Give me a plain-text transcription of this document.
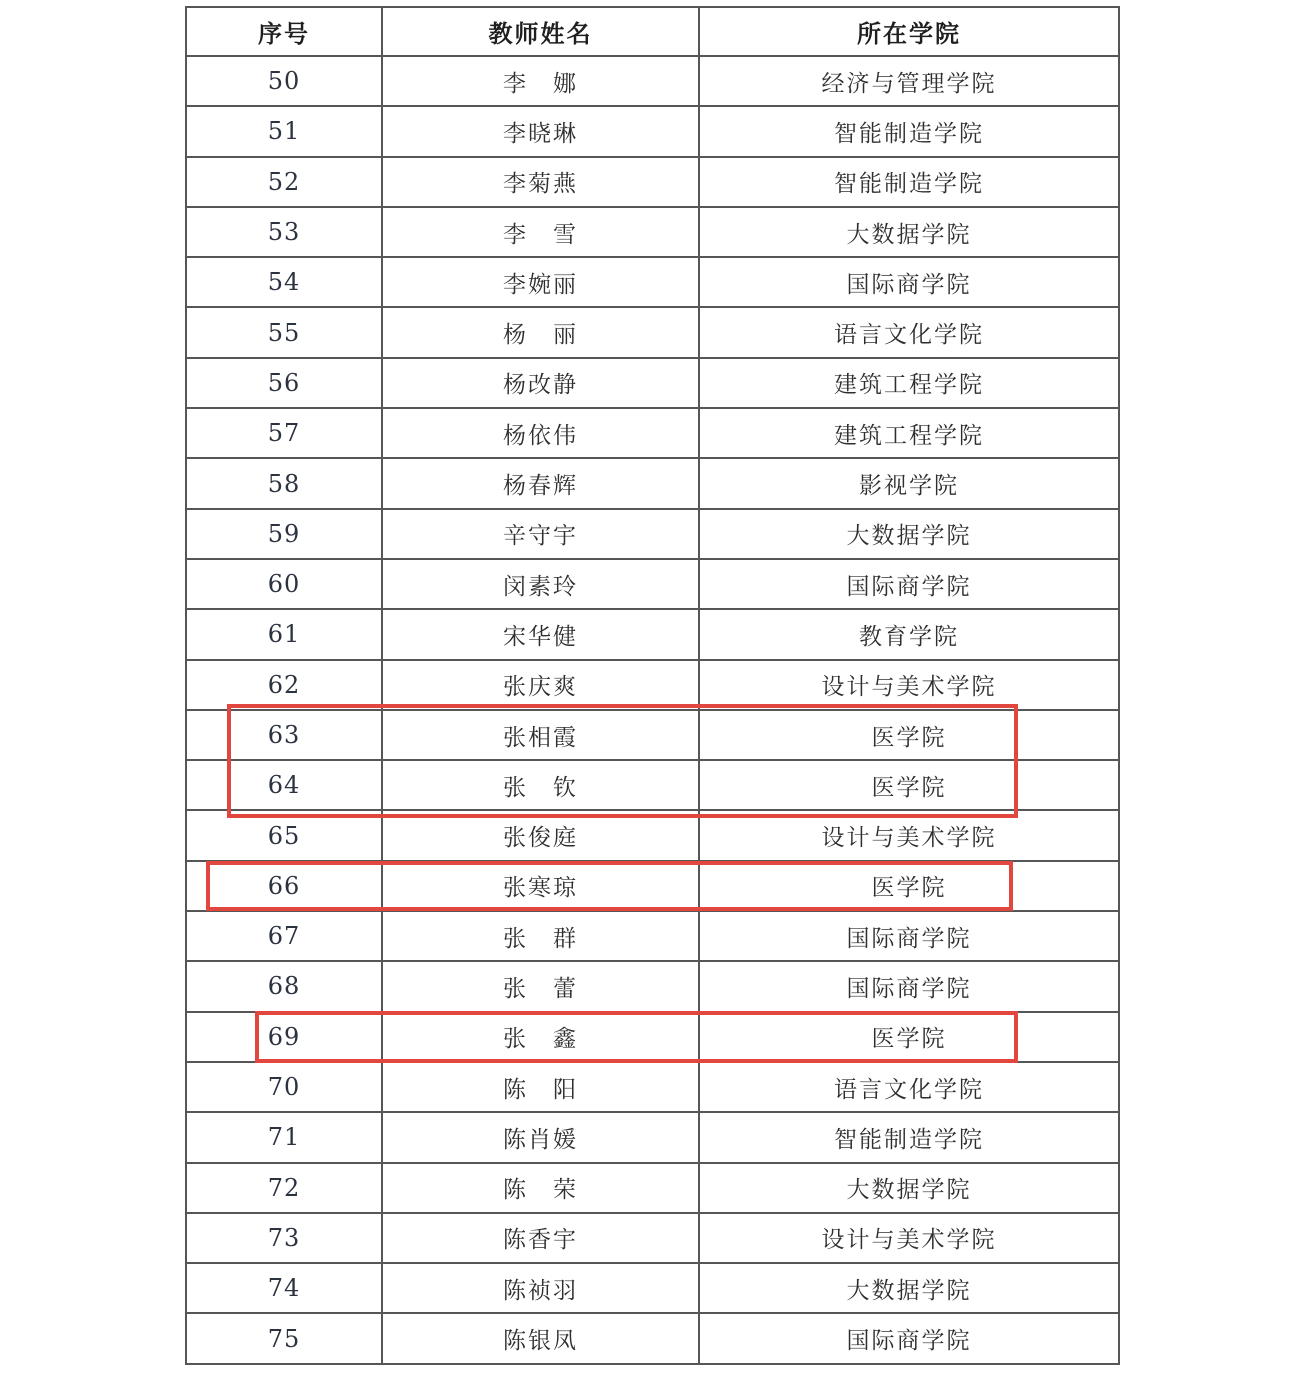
序号	教师姓名	所在学院
50	李　娜	经济与管理学院
51	李晓琳	智能制造学院
52	李菊燕	智能制造学院
53	李　雪	大数据学院
54	李婉丽	国际商学院
55	杨　丽	语言文化学院
56	杨改静	建筑工程学院
57	杨依伟	建筑工程学院
58	杨春辉	影视学院
59	辛守宇	大数据学院
60	闵素玲	国际商学院
61	宋华健	教育学院
62	张庆爽	设计与美术学院
63	张相霞	医学院
64	张　钦	医学院
65	张俊庭	设计与美术学院
66	张寒琼	医学院
67	张　群	国际商学院
68	张　蕾	国际商学院
69	张　鑫	医学院
70	陈　阳	语言文化学院
71	陈肖媛	智能制造学院
72	陈　荣	大数据学院
73	陈香宇	设计与美术学院
74	陈祯羽	大数据学院
75	陈银凤	国际商学院
